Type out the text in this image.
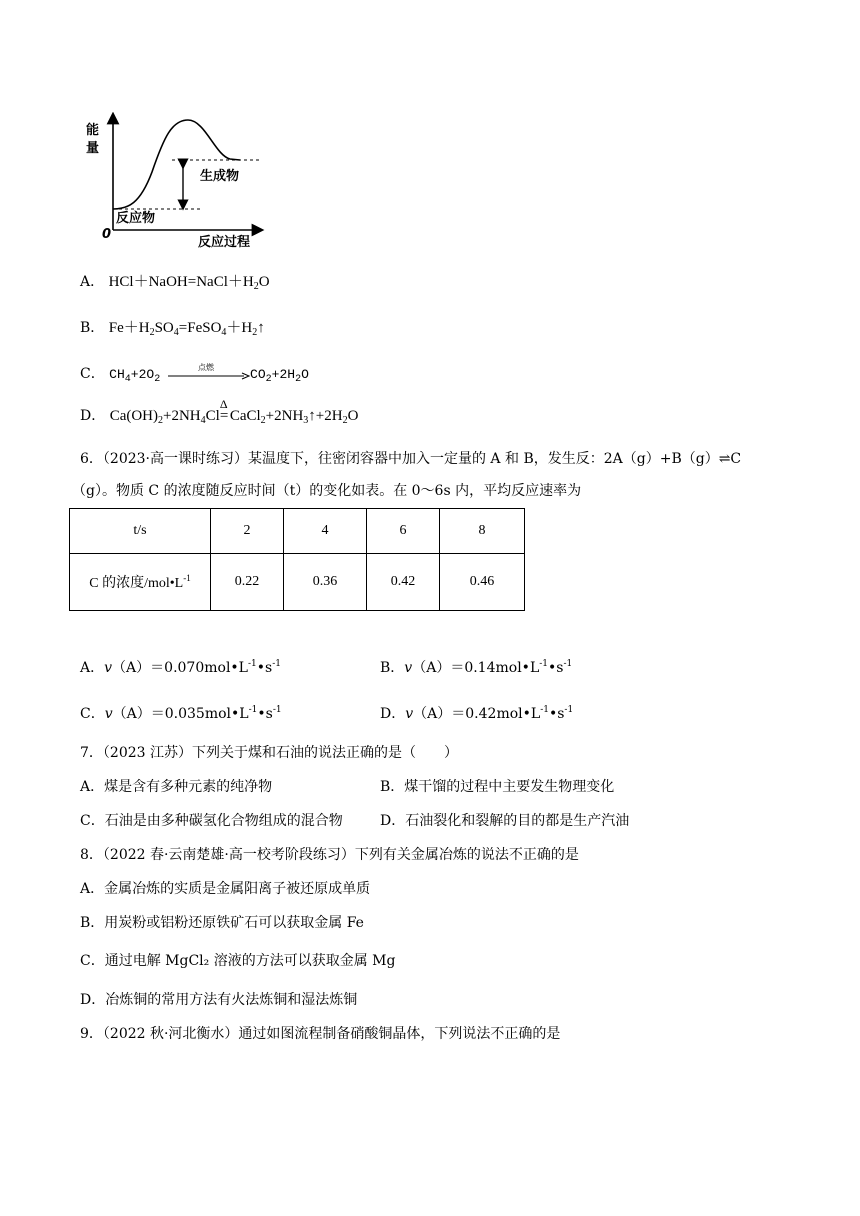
能
量
0
生成物
反应物
反应过程
A． $HCl+NaOH=NaCl+H_2O$
B． $Fe+H_2SO_4=FeSO_4+H_2↑$
C． $CH_4+2O_2$
点燃	$CO_2+2H_2O$
D． $Ca(OH)_2+2NH_4Cl$
Δ
= $CaCl_2+2NH_3↑+2H_2O$
6．（2023·高一课时练习）某温度下，往密闭容器中加入一定量的 A 和 B，发生反：2A（g）+B（g）⇌C
（g）。物质 C 的浓度随反应时间（t）的变化如表。在 0～6s 内，平均反应速率为
t/s	2	4	6	8
C 的浓度$/mol•L^{-1}$	0.22	0.36	0.42	0.46
A．$v(A)=0.070mol•L^{-1}•s^{-1}$	B．$v(A)=0.14mol•L^{-1}•s^{-1}$
C．$v(A)=0.035mol•L^{-1}•s^{-1}$	D．$v(A)=0.42mol•L^{-1}•s^{-1}$
7．（2023 江苏）下列关于煤和石油的说法正确的是（　　）
A．煤是含有多种元素的纯净物	B．煤干馏的过程中主要发生物理变化
C．石油是由多种碳氢化合物组成的混合物	D．石油裂化和裂解的目的都是生产汽油
8．（2022 春·云南楚雄·高一校考阶段练习）下列有关金属冶炼的说法不正确的是
A．金属冶炼的实质是金属阳离子被还原成单质
B．用炭粉或铝粉还原铁矿石可以获取金属 Fe
C．通过电解 MgCl₂ 溶液的方法可以获取金属 Mg
D．冶炼铜的常用方法有火法炼铜和湿法炼铜
9．（2022 秋·河北衡水）通过如图流程制备硝酸铜晶体，下列说法不正确的是
